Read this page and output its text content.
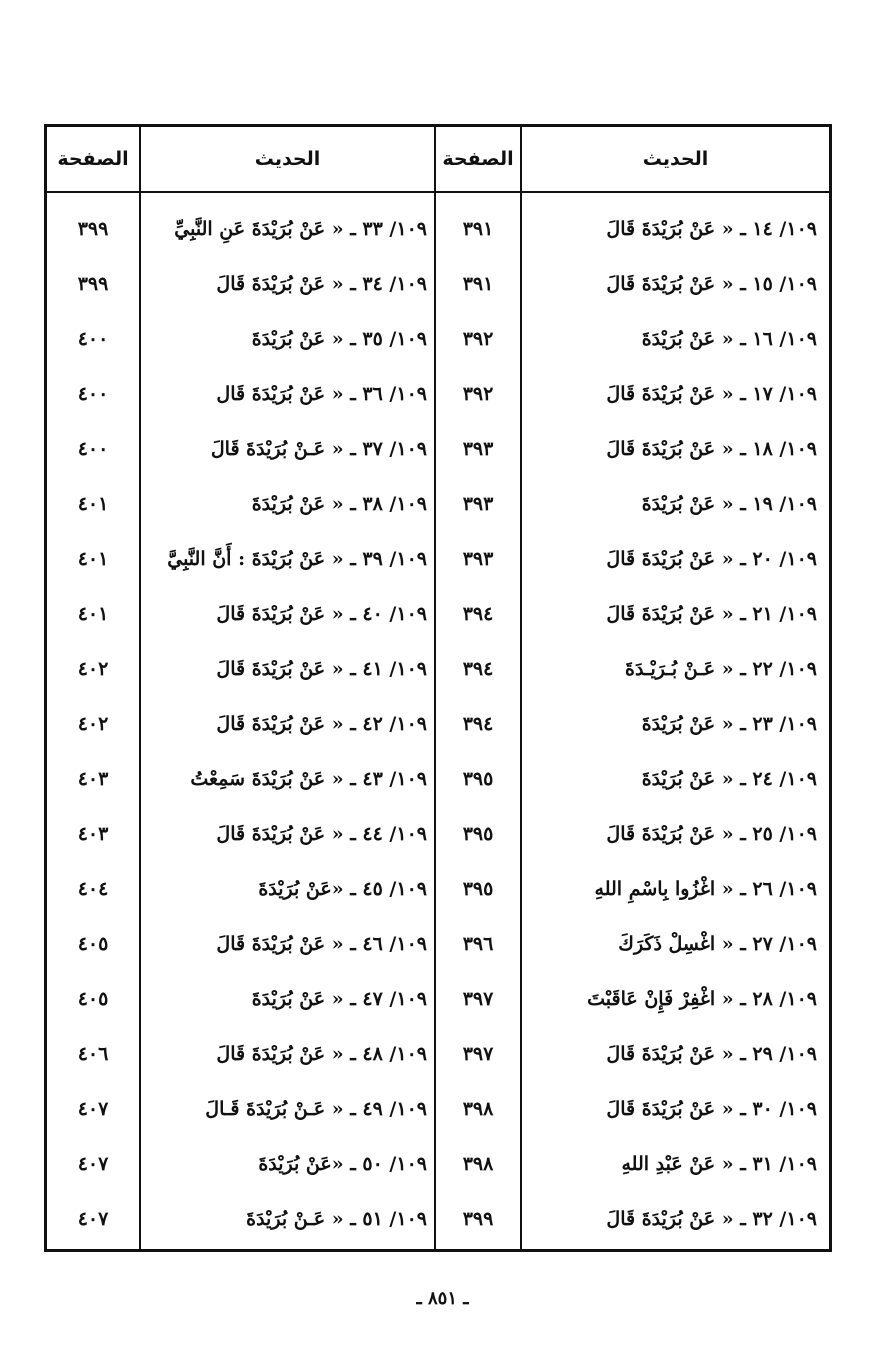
الحديث
الصفحة
الحديث
الصفحة
١٠٩/ ١٤ ـ « عَنْ بُرَيْدَةَ قَالَ
٣٩١
١٠٩/ ٣٣ ـ « عَنْ بُرَيْدَةَ عَنِ النَّبِيِّ
٣٩٩
١٠٩/ ١٥ ـ « عَنْ بُرَيْدَةَ قَالَ
٣٩١
١٠٩/ ٣٤ ـ « عَنْ بُرَيْدَةَ قَالَ
٣٩٩
١٠٩/ ١٦ ـ « عَنْ بُرَيْدَةَ
٣٩٢
١٠٩/ ٣٥ ـ « عَنْ بُرَيْدَةَ
٤٠٠
١٠٩/ ١٧ ـ « عَنْ بُرَيْدَةَ قَالَ
٣٩٢
١٠٩/ ٣٦ ـ « عَنْ بُرَيْدَةَ قَال
٤٠٠
١٠٩/ ١٨ ـ « عَنْ بُرَيْدَةَ قَالَ
٣٩٣
١٠٩/ ٣٧ ـ « عَـنْ بُرَيْدَةَ قَالَ
٤٠٠
١٠٩/ ١٩ ـ « عَنْ بُرَيْدَةَ
٣٩٣
١٠٩/ ٣٨ ـ « عَنْ بُرَيْدَةَ
٤٠١
١٠٩/ ٢٠ ـ « عَنْ بُرَيْدَةَ قَالَ
٣٩٣
١٠٩/ ٣٩ ـ « عَنْ بُرَيْدَةَ : أَنَّ النَّبِيَّ
٤٠١
١٠٩/ ٢١ ـ « عَنْ بُرَيْدَةَ قَالَ
٣٩٤
١٠٩/ ٤٠ ـ « عَنْ بُرَيْدَةَ قَالَ
٤٠١
١٠٩/ ٢٢ ـ « عَـنْ بُـرَيْـدَةَ
٣٩٤
١٠٩/ ٤١ ـ « عَنْ بُرَيْدَةَ قَالَ
٤٠٢
١٠٩/ ٢٣ ـ « عَنْ بُرَيْدَةَ
٣٩٤
١٠٩/ ٤٢ ـ « عَنْ بُرَيْدَةَ قَالَ
٤٠٢
١٠٩/ ٢٤ ـ « عَنْ بُرَيْدَةَ
٣٩٥
١٠٩/ ٤٣ ـ « عَنْ بُرَيْدَةَ سَمِعْتُ
٤٠٣
١٠٩/ ٢٥ ـ « عَنْ بُرَيْدَةَ قَالَ
٣٩٥
١٠٩/ ٤٤ ـ « عَنْ بُرَيْدَةَ قَالَ
٤٠٣
١٠٩/ ٢٦ ـ « اغْزُوا بِاسْمِ اللهِ
٣٩٥
١٠٩/ ٤٥ ـ «عَنْ بُرَيْدَةَ
٤٠٤
١٠٩/ ٢٧ ـ « اغْسِلْ ذَكَرَكَ
٣٩٦
١٠٩/ ٤٦ ـ « عَنْ بُرَيْدَةَ قَالَ
٤٠٥
١٠٩/ ٢٨ ـ « اغْفِرْ فَإِنْ عَاقَبْتَ
٣٩٧
١٠٩/ ٤٧ ـ « عَنْ بُرَيْدَةَ
٤٠٥
١٠٩/ ٢٩ ـ « عَنْ بُرَيْدَةَ قَالَ
٣٩٧
١٠٩/ ٤٨ ـ « عَنْ بُرَيْدَةَ قَالَ
٤٠٦
١٠٩/ ٣٠ ـ « عَنْ بُرَيْدَةَ قَالَ
٣٩٨
١٠٩/ ٤٩ ـ « عَـنْ بُرَيْدَةَ قَـالَ
٤٠٧
١٠٩/ ٣١ ـ « عَنْ عَبْدِ اللهِ
٣٩٨
١٠٩/ ٥٠ ـ «عَنْ بُرَيْدَةَ
٤٠٧
١٠٩/ ٣٢ ـ « عَنْ بُرَيْدَةَ قَالَ
٣٩٩
١٠٩/ ٥١ ـ « عَـنْ بُرَيْدَةَ
٤٠٧
ـ ٨٥١ ـ
